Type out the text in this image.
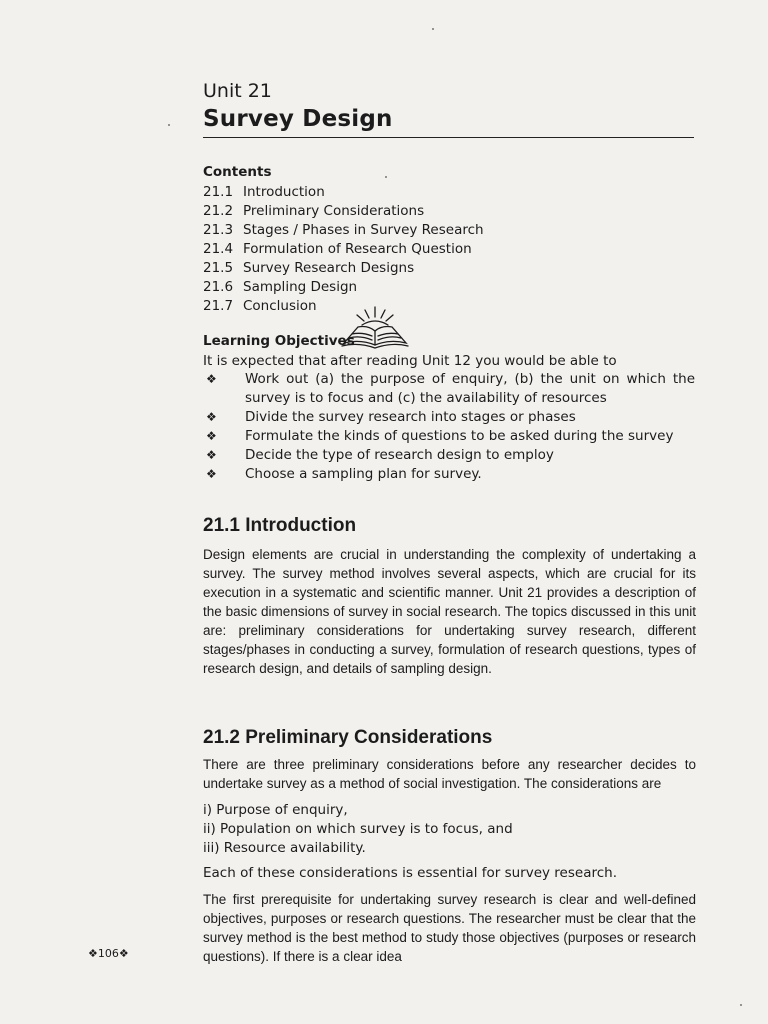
Unit 21
Survey Design
Contents
21.1 Introduction
21.2 Preliminary Considerations
21.3 Stages / Phases in Survey Research
21.4 Formulation of Research Question
21.5 Survey Research Designs
21.6 Sampling Design
21.7 Conclusion
Learning Objectives
It is expected that after reading Unit 12 you would be able to
❖ Work out (a) the purpose of enquiry, (b) the unit on which the survey is to focus and (c) the availability of resources
❖ Divide the survey research into stages or phases
❖ Formulate the kinds of questions to be asked during the survey
❖ Decide the type of research design to employ
❖ Choose a sampling plan for survey.
21.1 Introduction

Design elements are crucial in understanding the complexity of undertaking a survey. The survey method involves several aspects, which are crucial for its execution in a systematic and scientific manner. Unit 21 provides a description of the basic dimensions of survey in social research. The topics discussed in this unit are: preliminary considerations for undertaking survey research, different stages/phases in conducting a survey, formulation of research questions, types of research design, and details of sampling design.

21.2 Preliminary Considerations

There are three preliminary considerations before any researcher decides to undertake survey as a method of social investigation. The considerations are

i) Purpose of enquiry,
ii) Population on which survey is to focus, and
iii) Resource availability.
Each of these considerations is essential for survey research.

The first prerequisite for undertaking survey research is clear and well-defined objectives, purposes or research questions. The researcher must be clear that the survey method is the best method to study those objectives (purposes or research questions). If there is a clear idea

❖106❖
